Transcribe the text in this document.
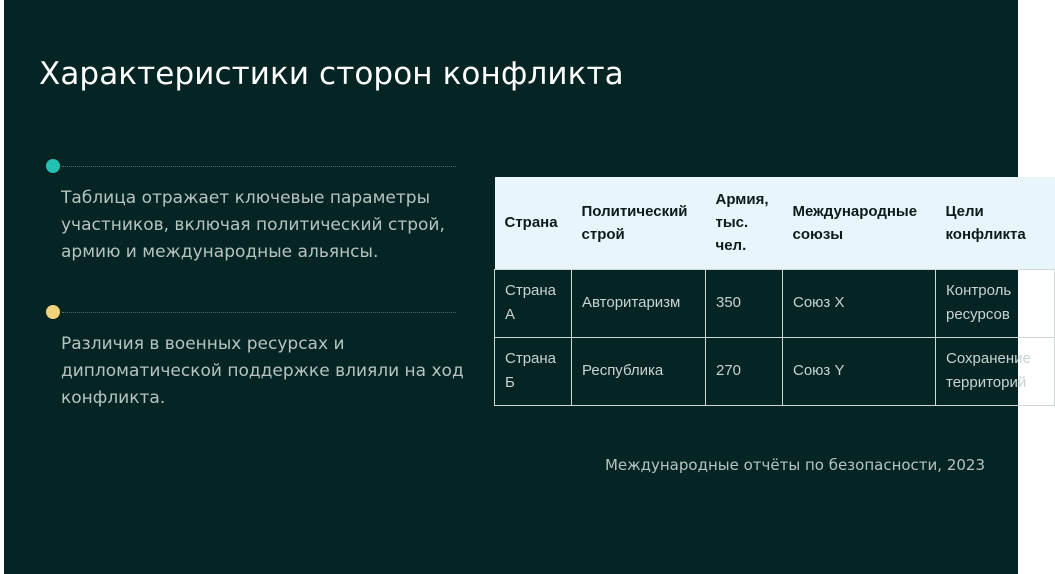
Характеристики сторон конфликта

Таблица отражает ключевые параметры участников, включая политический строй, армию и международные альянсы.

Различия в военных ресурсах и дипломатической поддержке влияли на ход конфликта.

Страна	Политический строй	Армия, тыс. чел.	Международные союзы	Цели конфликта
Страна А	Авторитаризм	350	Союз X	Контроль ресурсов
Страна Б	Республика	270	Союз Y	Сохранение территорий
Международные отчёты по безопасности, 2023
